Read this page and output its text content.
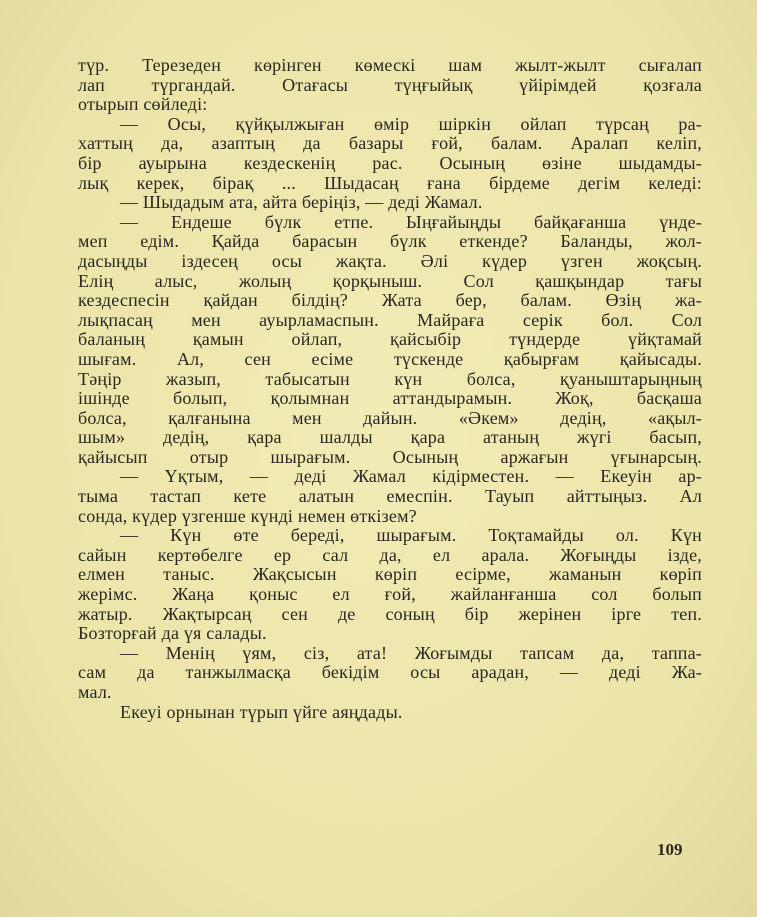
түр. Терезеден көрінген көмескі шам жылт-жылт сығалап
лап түргандай. Отағасы түңғыйық үйірімдей қозғала
отырып сөйледі:
— Осы, қүйқылжыған өмір шіркін ойлап түрсаң ра-
хаттың да, азаптың да базары ғой, балам. Аралап келіп,
бір ауырына кездескенің рас. Осының өзіне шыдамды-
лық керек, бірақ ... Шыдасаң ғана бірдеме дегім келеді:
— Шыдадым ата, айта беріңіз, — деді Жамал.
— Ендеше бүлк етпе. Ыңғайыңды байқағанша үнде-
меп едім. Қайда барасын бүлк еткенде? Баланды, жол-
дасыңды іздесең осы жақта. Әлі күдер үзген жоқсың.
Елің алыс, жолың қорқыныш. Сол қашқындар тағы
кездеспесін қайдан білдің? Жата бер, балам. Өзің жа-
лықпасаң мен ауырламаспын. Майраға серік бол. Сол
баланың қамын ойлап, қайсыбір түндерде үйқтамай
шығам. Ал, сен есіме түскенде қабырғам қайысады.
Тәңір жазып, табысатын күн болса, қуаныштарыңның
ішінде болып, қолымнан аттандырамын. Жоқ, басқаша
болса, қалғанына мен дайын. «Әкем» дедің, «ақыл-
шым» дедің, қара шалды қара атаның жүгі басып,
қайысып отыр шырағым. Осының аржағын үғынарсың.
— Үқтым, — деді Жамал кідірместен. — Екеуін ар-
тыма тастап кете алатын емеспін. Тауып айттыңыз. Ал
сонда, күдер үзгенше күнді немен өткізем?
— Күн өте береді, шырағым. Тоқтамайды ол. Күн
сайын кертөбелге ер сал да, ел арала. Жоғыңды ізде,
елмен таныс. Жақсысын көріп есірме, жаманын көріп
жерімс. Жаңа қоныс ел ғой, жайланғанша сол болып
жатыр. Жақтырсаң сен де соның бір жерінен ірге теп.
Бозторғай да үя салады.
— Менің үям, сіз, ата! Жоғымды тапсам да, таппа-
сам да танжылмасқа бекідім осы арадан, — деді Жа-
мал.
Екеуі орнынан түрып үйге аяңдады.
109
